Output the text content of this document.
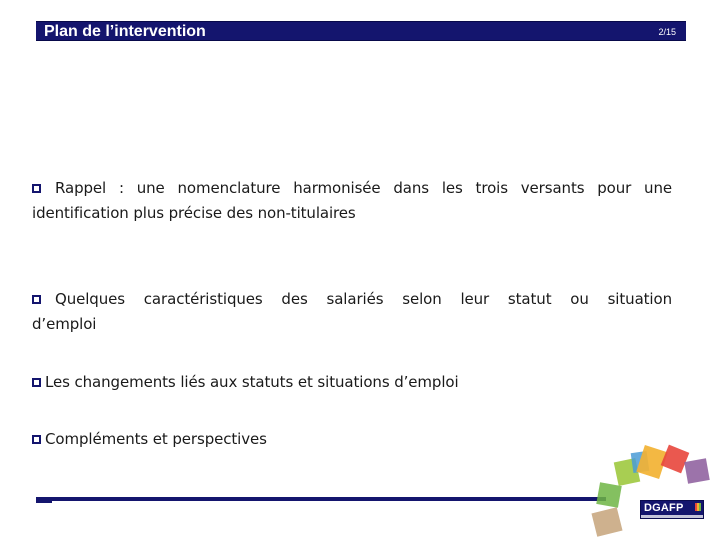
Plan de l’intervention	2/15
Rappel : une nomenclature harmonisée dans les trois versants pour une identification plus précise des non-titulaires
Quelques caractéristiques des salariés selon leur statut ou situation d’emploi
Les changements liés aux statuts et situations d’emploi
Compléments et perspectives
DGAFP
